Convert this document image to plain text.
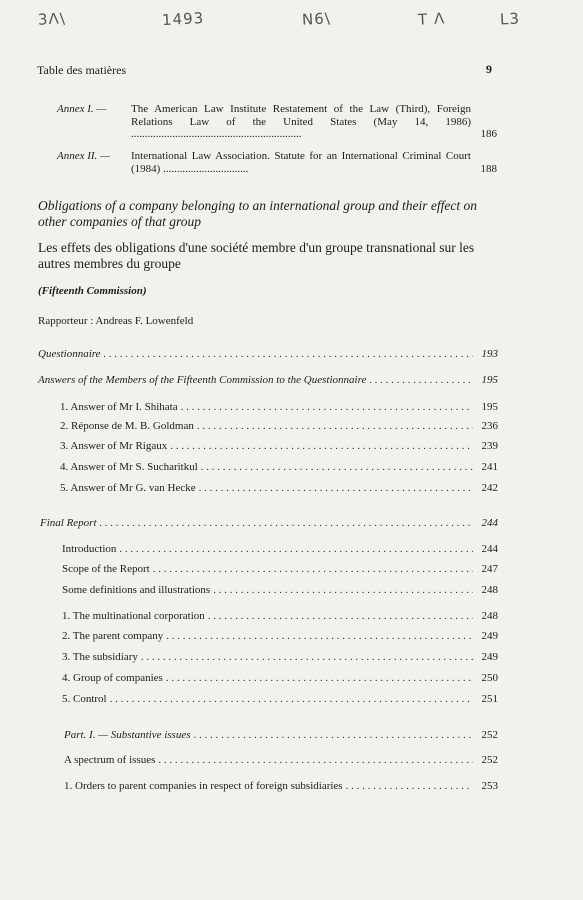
3Λ\	1493	N6\	T Λ	L3
Table des matières	9
Annex I. — The American Law Institute Restatement of the Law (Third), Foreign Relations Law of the United States (May 14, 1986) ..............................................................	186
Annex II. — International Law Association. Statute for an International Criminal Court (1984) ...............................	188
Obligations of a company belonging to an international group and their effect on other companies of that group
Les effets des obligations d'une société membre d'un groupe transnational sur les autres membres du groupe
(Fifteenth Commission)
Rapporteur : Andreas F. Lowenfeld
Questionnaire . . .	193
Answers of the Members of the Fifteenth Commission to the Questionnaire . . .	195
1. Answer of Mr I. Shihata . . .	195
2. Réponse de M. B. Goldman . . .	236
3. Answer of Mr Rigaux . . .	239
4. Answer of Mr S. Sucharitkul . . .	241
5. Answer of Mr G. van Hecke . . .	242
Final Report . . .	244
Introduction . . .	244
Scope of the Report . . .	247
Some definitions and illustrations . . .	248
1. The multinational corporation . . .	248
2. The parent company . . .	249
3. The subsidiary . . .	249
4. Group of companies . . .	250
5. Control . . .	251
Part. I. — Substantive issues . . .	252
A spectrum of issues . . .	252
1. Orders to parent companies in respect of foreign subsidiaries . . .	253
